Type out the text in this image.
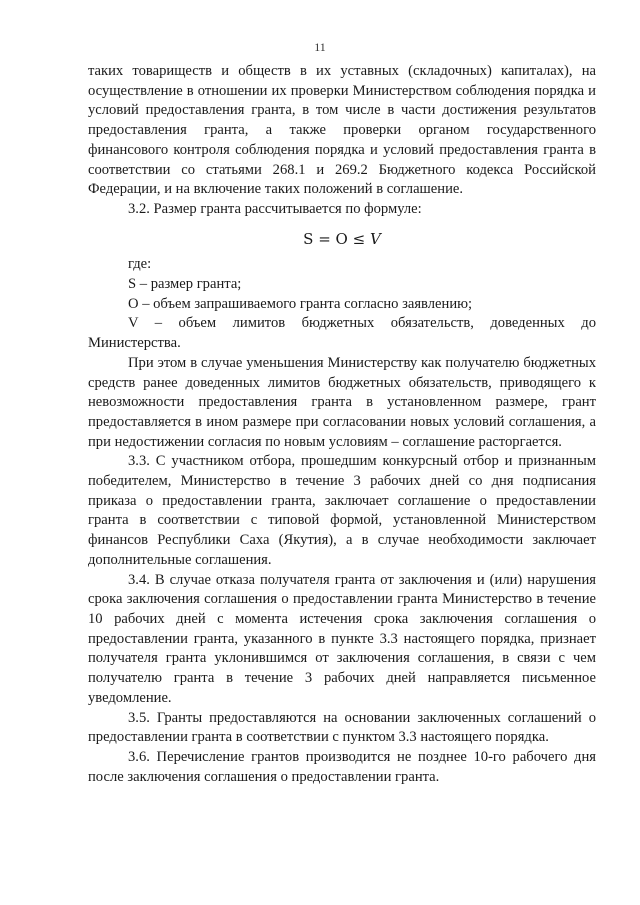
11

таких товариществ и обществ в их уставных (складочных) капиталах), на осуществление в отношении их проверки Министерством соблюдения порядка и условий предоставления гранта, в том числе в части достижения результатов предоставления гранта, а также проверки органом государственного финансового контроля соблюдения порядка и условий предоставления гранта в соответствии со статьями 268.1 и 269.2 Бюджетного кодекса Российской Федерации, и на включение таких положений в соглашение.

3.2. Размер гранта рассчитывается по формуле:

S = O ≤ V

где:

S – размер гранта;

O – объем запрашиваемого гранта согласно заявлению;

V – объем лимитов бюджетных обязательств, доведенных до Министерства.

При этом в случае уменьшения Министерству как получателю бюджетных средств ранее доведенных лимитов бюджетных обязательств, приводящего к невозможности предоставления гранта в установленном размере, грант предоставляется в ином размере при согласовании новых условий соглашения, а при недостижении согласия по новым условиям – соглашение расторгается.

3.3. С участником отбора, прошедшим конкурсный отбор и признанным победителем, Министерство в течение 3 рабочих дней со дня подписания приказа о предоставлении гранта, заключает соглашение о предоставлении гранта в соответствии с типовой формой, установленной Министерством финансов Республики Саха (Якутия), а в случае необходимости заключает дополнительные соглашения.

3.4. В случае отказа получателя гранта от заключения и (или) нарушения срока заключения соглашения о предоставлении гранта Министерство в течение 10 рабочих дней с момента истечения срока заключения соглашения о предоставлении гранта, указанного в пункте 3.3 настоящего порядка, признает получателя гранта уклонившимся от заключения соглашения, в связи с чем получателю гранта в течение 3 рабочих дней направляется письменное уведомление.

3.5. Гранты предоставляются на основании заключенных соглашений о предоставлении гранта в соответствии с пунктом 3.3 настоящего порядка.

3.6. Перечисление грантов производится не позднее 10-го рабочего дня после заключения соглашения о предоставлении гранта.
